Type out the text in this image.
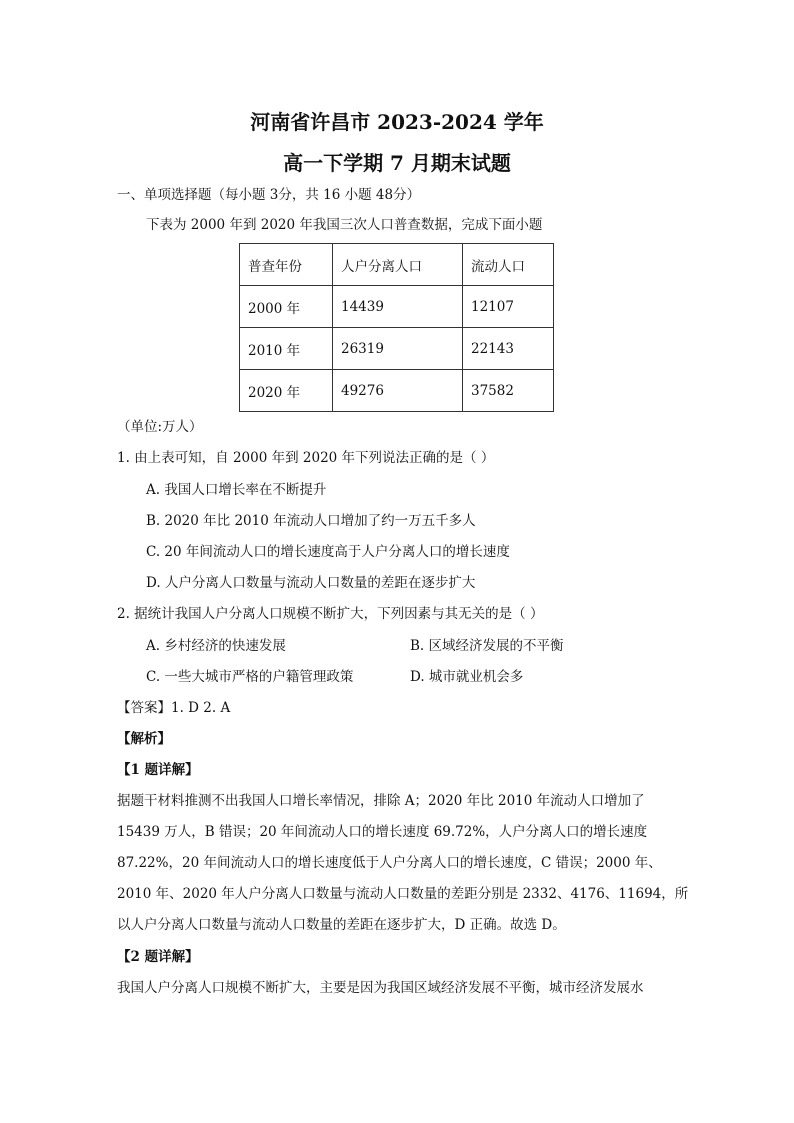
河南省许昌市 2023-2024 学年
高一下学期 7 月期末试题
一、单项选择题（每小题 3分，共 16 小题 48分）
下表为 2000 年到 2020 年我国三次人口普查数据，完成下面小题
普查年份	人户分离人口	流动人口
2000 年	14439	12107
2010 年	26319	22143
2020 年	49276	37582
（单位:万人）
1. 由上表可知，自 2000 年到 2020 年下列说法正确的是（ ）
A. 我国人口增长率在不断提升
B. 2020 年比 2010 年流动人口增加了约一万五千多人
C. 20 年间流动人口的增长速度高于人户分离人口的增长速度
D. 人户分离人口数量与流动人口数量的差距在逐步扩大
2. 据统计我国人户分离人口规模不断扩大，下列因素与其无关的是（ ）
A. 乡村经济的快速发展	B. 区域经济发展的不平衡
C. 一些大城市严格的户籍管理政策	D. 城市就业机会多
【答案】1. D 2. A
【解析】
【1 题详解】
据题干材料推测不出我国人口增长率情况，排除 A；2020 年比 2010 年流动人口增加了
15439 万人，B 错误；20 年间流动人口的增长速度 69.72%，人户分离人口的增长速度
87.22%，20 年间流动人口的增长速度低于人户分离人口的增长速度，C 错误；2000 年、
2010 年、2020 年人户分离人口数量与流动人口数量的差距分别是 2332、4176、11694，所
以人户分离人口数量与流动人口数量的差距在逐步扩大，D 正确。故选 D。
【2 题详解】
我国人户分离人口规模不断扩大，主要是因为我国区域经济发展不平衡，城市经济发展水
